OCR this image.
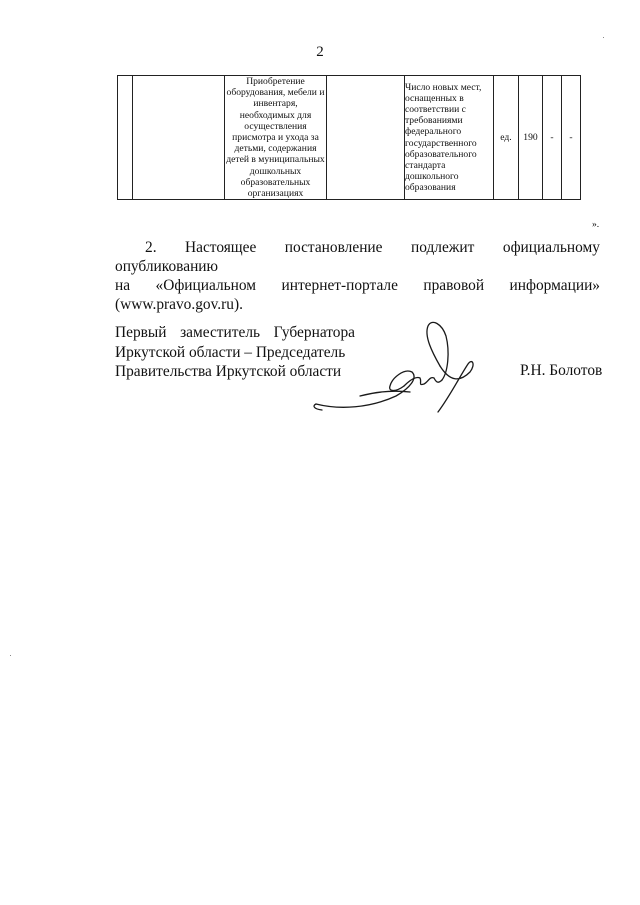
2
		Приобретение оборудования, мебели и инвентаря, необходимых для осуществления присмотра и ухода за детьми, содержания детей в муниципальных дошкольных образовательных организациях		Число новых мест, оснащенных в соответствии с требованиями федерального государственного образовательного стандарта дошкольного образования	ед.	190	-	-
».
2. Настоящее постановление подлежит официальному опубликованию
на «Официальном интернет-портале правовой информации»
(www.pravo.gov.ru).
Первый заместитель Губернатора
Иркутской области – Председатель
Правительства Иркутской области	Р.Н. Болотов
